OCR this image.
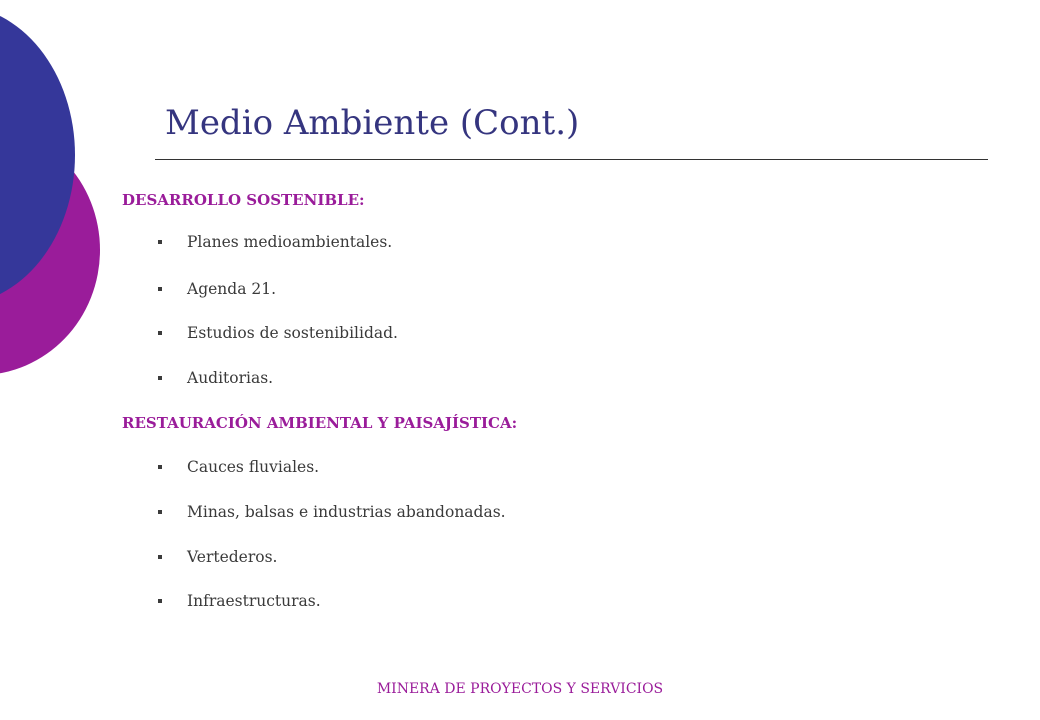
Medio Ambiente (Cont.)
DESARROLLO SOSTENIBLE:
Planes medioambientales.
Agenda 21.
Estudios de sostenibilidad.
Auditorias.
RESTAURACIÓN AMBIENTAL Y PAISAJÍSTICA:
Cauces fluviales.
Minas, balsas e industrias abandonadas.
Vertederos.
Infraestructuras.
MINERA DE PROYECTOS Y SERVICIOS
